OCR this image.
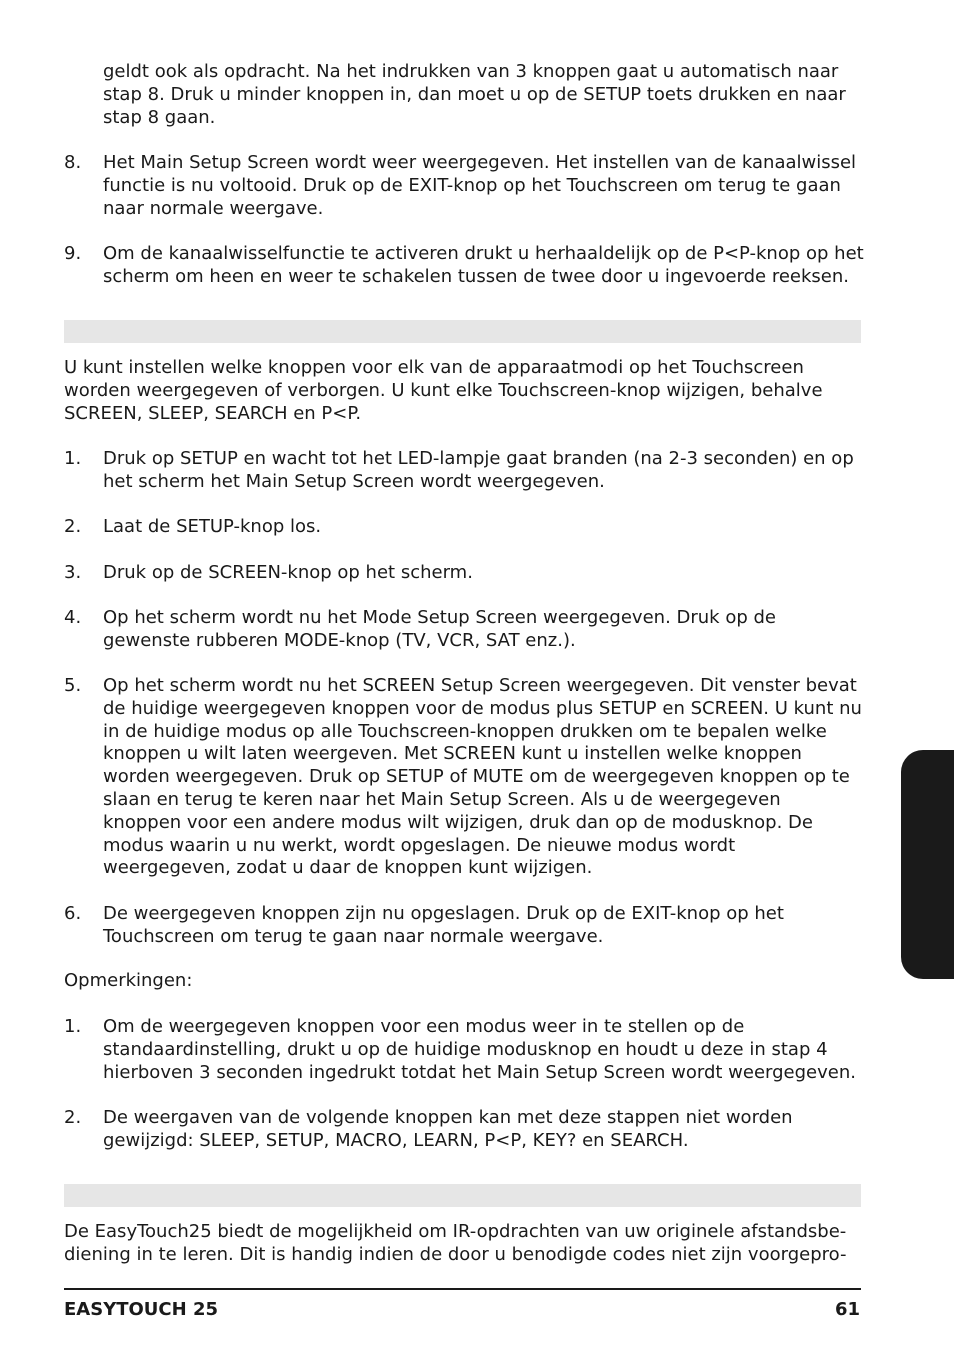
geldt ook als opdracht. Na het indrukken van 3 knoppen gaat u automatisch naar stap 8. Druk u minder knoppen in, dan moet u op de SETUP toets drukken en naar stap 8 gaan.
8.	Het Main Setup Screen wordt weer weergegeven. Het instellen van de kanaalwissel functie is nu voltooid. Druk op de EXIT-knop op het Touchscreen om terug te gaan naar normale weergave.
9.	Om de kanaalwisselfunctie te activeren drukt u herhaaldelijk op de P<P-knop op het scherm om heen en weer te schakelen tussen de twee door u ingevoerde reeksen.
U kunt instellen welke knoppen voor elk van de apparaatmodi op het Touchscreen worden weergegeven of verborgen. U kunt elke Touchscreen-knop wijzigen, behalve SCREEN, SLEEP, SEARCH en P<P.
1.	Druk op SETUP en wacht tot het LED-lampje gaat branden (na 2-3 seconden) en op het scherm het Main Setup Screen wordt weergegeven.
2.	Laat de SETUP-knop los.
3.	Druk op de SCREEN-knop op het scherm.
4.	Op het scherm wordt nu het Mode Setup Screen weergegeven. Druk op de gewenste rubberen MODE-knop (TV, VCR, SAT enz.).
5.	Op het scherm wordt nu het SCREEN Setup Screen weergegeven. Dit venster bevat de huidige weergegeven knoppen voor de modus plus SETUP en SCREEN. U kunt nu in de huidige modus op alle Touchscreen-knoppen drukken om te bepalen welke knoppen u wilt laten weergeven. Met SCREEN kunt u instellen welke knoppen worden weergegeven. Druk op SETUP of MUTE om de weergegeven knoppen op te slaan en terug te keren naar het Main Setup Screen. Als u de weergegeven knoppen voor een andere modus wilt wijzigen, druk dan op de modusknop. De modus waarin u nu werkt, wordt opgeslagen. De nieuwe modus wordt weergegeven, zodat u daar de knoppen kunt wijzigen.
6.	De weergegeven knoppen zijn nu opgeslagen. Druk op de EXIT-knop op het Touchscreen om terug te gaan naar normale weergave.
Opmerkingen:
1.	Om de weergegeven knoppen voor een modus weer in te stellen op de standaardinstelling, drukt u op de huidige modusknop en houdt u deze in stap 4 hierboven 3 seconden ingedrukt totdat het Main Setup Screen wordt weergegeven.
2.	De weergaven van de volgende knoppen kan met deze stappen niet worden gewijzigd: SLEEP, SETUP, MACRO, LEARN, P<P, KEY? en SEARCH.
De EasyTouch25 biedt de mogelijkheid om IR-opdrachten van uw originele afstandsbe- diening in te leren. Dit is handig indien de door u benodigde codes niet zijn voorgepro-
EASYTOUCH 25	61
